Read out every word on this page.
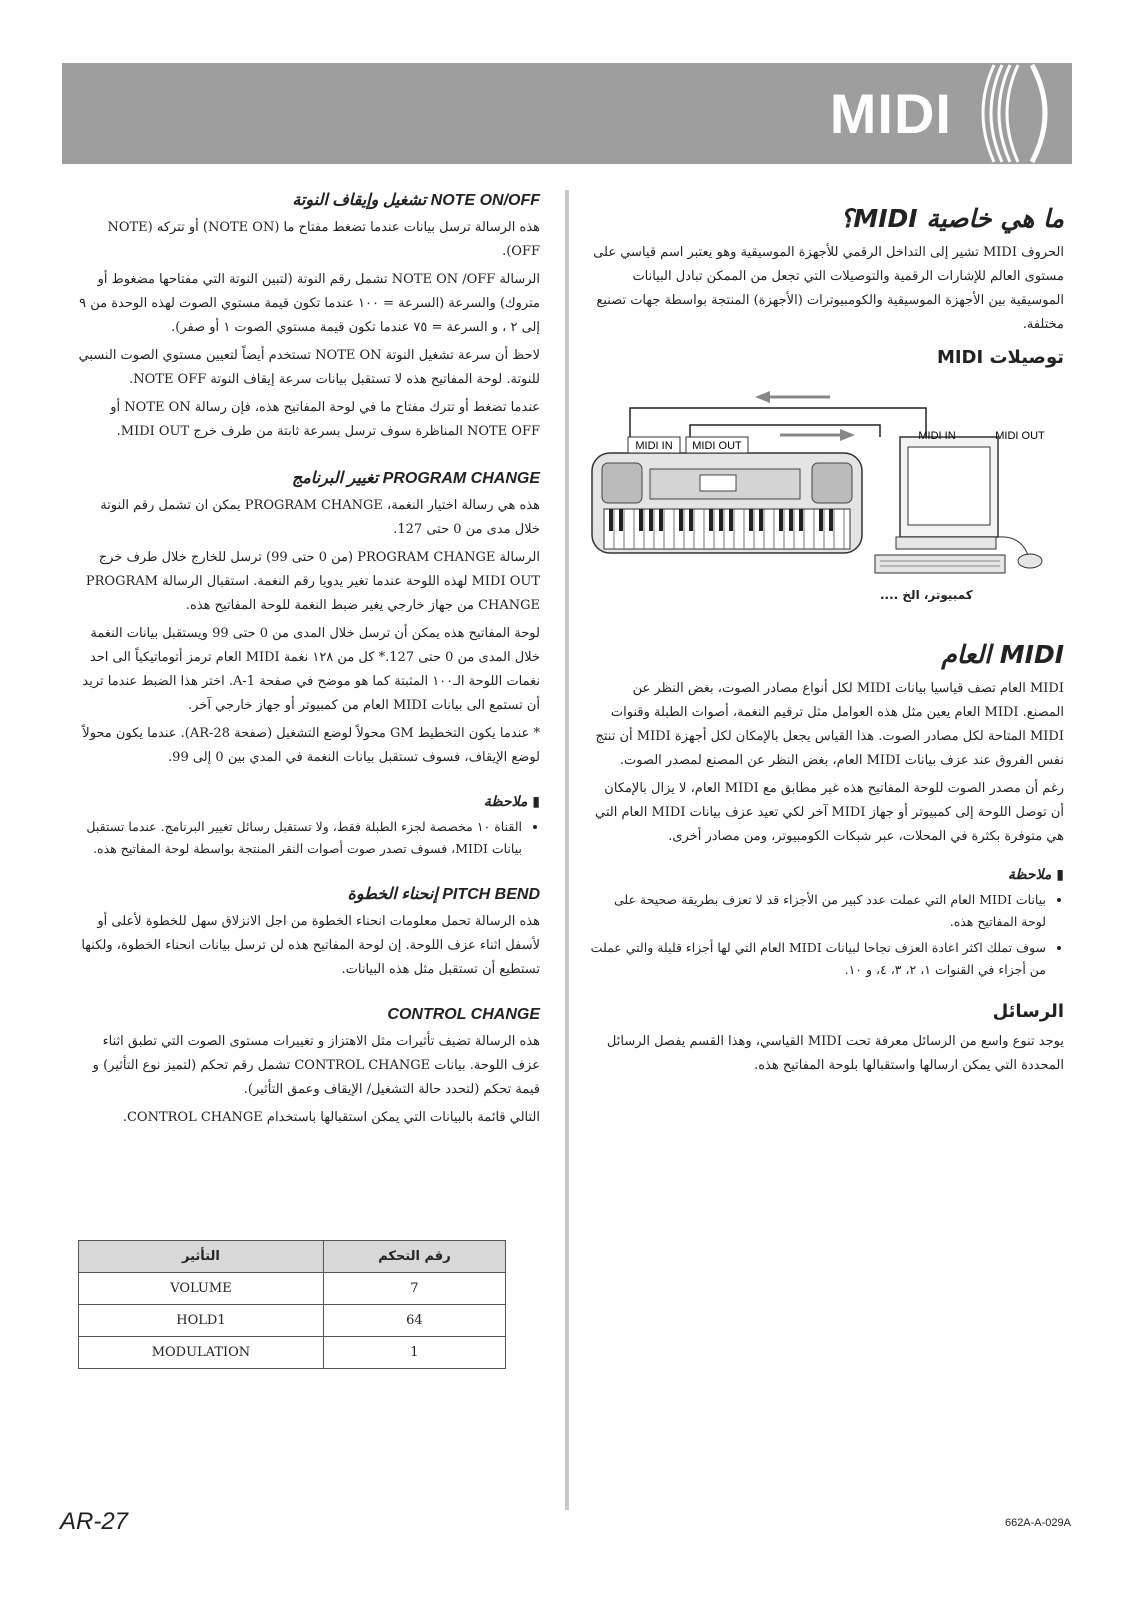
MIDI
NOTE ON/OFF تشغيل وإيقاف النوتة

هذه الرسالة ترسل بيانات عندما تضغط مفتاح ما (NOTE ON) أو تتركه (NOTE OFF).

الرسالة NOTE ON /OFF تشمل رقم النوتة (لتبين النوتة التي مفتاحها مضغوط أو متروك) والسرعة (السرعة = ١٠٠ عندما تكون قيمة مستوي الصوت لهذه الوحدة من ٩ إلى ٢ ، و السرعة = ٧٥ عندما تكون قيمة مستوي الصوت ١ أو صفر).

لاحظ أن سرعة تشغيل النوتة NOTE ON تستخدم أيضاً لتعيين مستوي الصوت النسبي للنوتة. لوحة المفاتيح هذه لا تستقبل بيانات سرعة إيقاف النوتة NOTE OFF.

عندما تضغط أو تترك مفتاح ما في لوحة المفاتيح هذه، فإن رسالة NOTE ON أو NOTE OFF المناظرة سوف ترسل بسرعة ثابتة من طرف خرج MIDI OUT.

PROGRAM CHANGE تغيير البرنامج

هذه هي رسالة اختيار النغمة، PROGRAM CHANGE يمكن ان تشمل رقم النوتة خلال مدى من 0 حتى 127.

الرسالة PROGRAM CHANGE (من 0 حتى 99) ترسل للخارج خلال طرف خرج MIDI OUT لهذه اللوحة عندما تغير يدويا رقم النغمة. استقبال الرسالة PROGRAM CHANGE من جهاز خارجي يغير ضبط النغمة للوحة المفاتيح هذه.

لوحة المفاتيح هذه يمكن أن ترسل خلال المدى من 0 حتى 99 ويستقبل بيانات النغمة خلال المدى من 0 حتى 127.* كل من ١٢٨ نغمة MIDI العام ترمز أتوماتيكياً الى احد نغمات اللوحة الـ١٠٠ المثبتة كما هو موضح في صفحة A-1. اختر هذا الضبط عندما تريد أن تستمع الى بيانات MIDI العام من كمبيوتر أو جهاز خارجي آخر.

* عندما يكون التخطيط GM محولاً لوضع التشغيل (صفحة AR-28). عندما يكون محولاً لوضع الإيقاف، فسوف تستقبل بيانات النغمة في المدي بين 0 إلى 99.

▮ ملاحظة
• القناة ١٠ مخصصة لجزء الطبلة فقط، ولا تستقبل رسائل تغيير البرنامج. عندما تستقبل بيانات MIDI، فسوف تصدر صوت أصوات النقر المنتجة بواسطة لوحة المفاتيح هذه.
PITCH BEND إنحناء الخطوة

هذه الرسالة تحمل معلومات انحناء الخطوة من اجل الانزلاق سهل للخطوة لأعلى أو لأسفل اثناء عزف اللوحة. إن لوحة المفاتيح هذه لن ترسل بيانات انحناء الخطوة، ولكنها تستطيع أن تستقبل مثل هذه البيانات.

CONTROL CHANGE

هذه الرسالة تضيف تأثيرات مثل الاهتزاز و تغييرات مستوى الصوت التي تطبق اثناء عزف اللوحة. بيانات CONTROL CHANGE تشمل رقم تحكم (لتميز نوع التأثير) و قيمة تحكم (لتحدد حالة التشغيل/ الإيقاف وعمق التأثير).

التالي قائمة بالبيانات التي يمكن استقبالها باستخدام CONTROL CHANGE.

التأثير	رقم التحكم
VOLUME	7
HOLD1	64
MODULATION	1
ما هي خاصية MIDI؟

الحروف MIDI تشير إلى التداخل الرقمي للأجهزة الموسيقية وهو يعتبر اسم قياسي على مستوى العالم للإشارات الرقمية والتوصيلات التي تجعل من الممكن تبادل البيانات الموسيقية بين الأجهزة الموسيقية والكومبيوترات (الأجهزة) المنتجة بواسطة جهات تصنيع مختلفة.

توصيلات MIDI
MIDI IN MIDI OUT
MIDI IN	MIDI OUT
كمبيوتر، الخ ....
MIDI العام

MIDI العام تصف قياسيا بيانات MIDI لكل أنواع مصادر الصوت، بغض النظر عن المصنع. MIDI العام يعين مثل هذه العوامل مثل ترقيم النغمة، أصوات الطبلة وقنوات MIDI المتاحة لكل مصادر الصوت. هذا القياس يجعل بالإمكان لكل أجهزة MIDI أن تنتج نفس الفروق عند عزف بيانات MIDI العام، بغض النظر عن المصنع لمصدر الصوت.

رغم أن مصدر الصوت للوحة المفاتيح هذه غير مطابق مع MIDI العام، لا يزال بالإمكان أن توصل اللوحة إلى كمبيوتر أو جهاز MIDI آخر لكي تعيد عزف بيانات MIDI العام التي هي متوفرة بكثرة في المحلات، عبر شبكات الكومبيوتر، ومن مصادر أخرى.

▮ ملاحظة
• بيانات MIDI العام التي عملت عدد كبير من الأجزاء قد لا تعزف بطريقة صحيحة على لوحة المفاتيح هذه.
• سوف تملك اكثر اعادة العزف نجاحا لبيانات MIDI العام التي لها أجزاء قليلة والتي عملت من أجزاء في القنوات ١، ٢، ٣، ٤، و ١٠.
الرسائل

يوجد تنوع واسع من الرسائل معرفة تحت MIDI القياسي، وهذا القسم يفصل الرسائل المحددة التي يمكن ارسالها واستقبالها بلوحة المفاتيح هذه.

AR-27	662A-A-029A
